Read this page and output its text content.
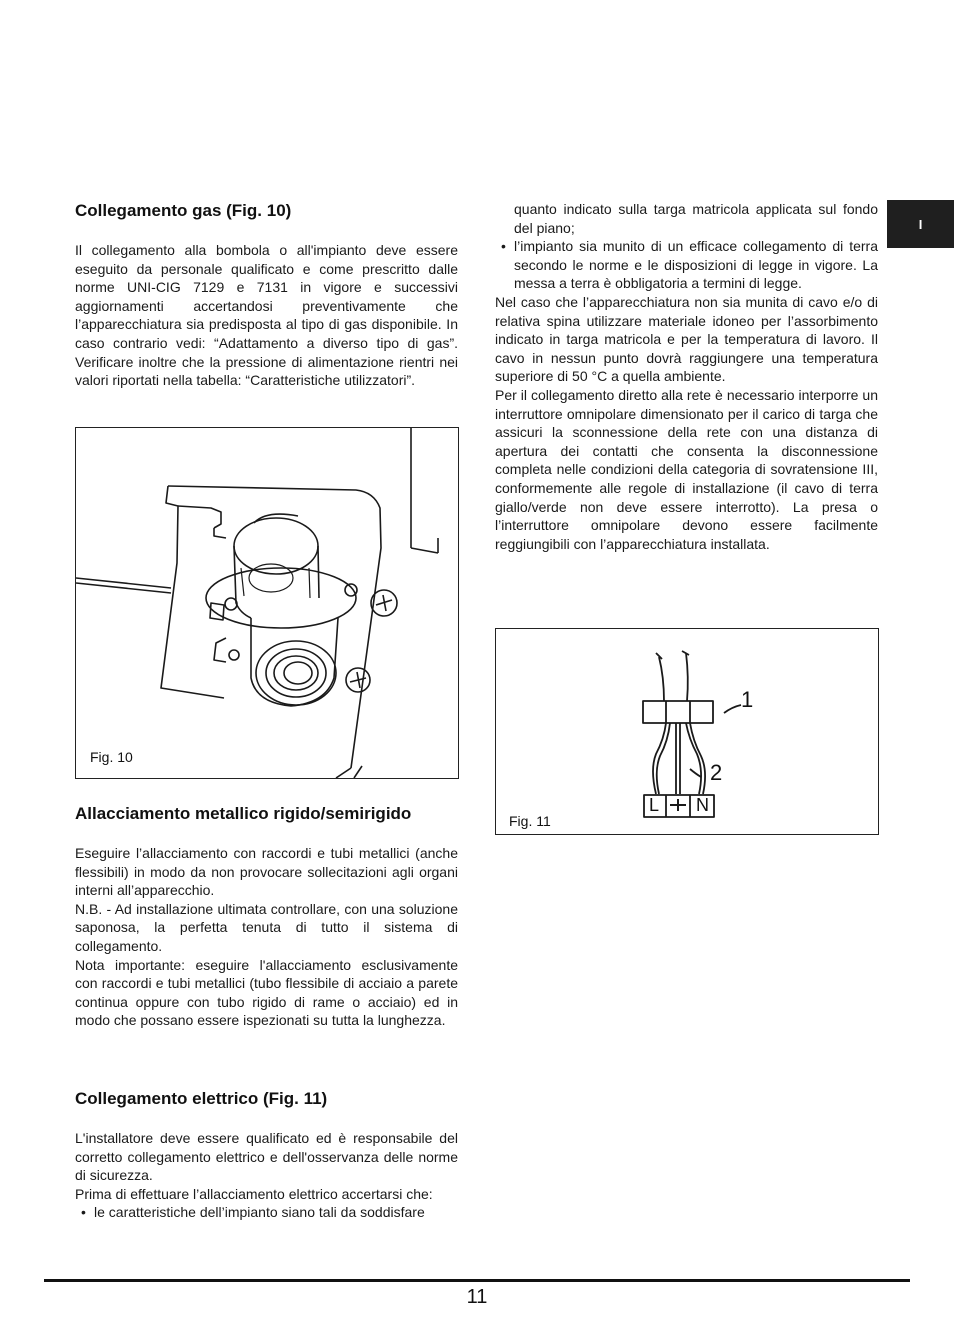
I
Collegamento gas (Fig. 10)

Il collegamento alla bombola o all'impianto deve essere eseguito da personale qualificato e come prescritto dalle norme UNI-CIG 7129 e 7131 in vigore e successivi aggiornamenti accertandosi preventivamente che l’apparecchiatura sia predisposta al tipo di gas disponibile. In caso contrario vedi: “Adattamento a diverso tipo di gas”. Verificare inoltre che la pressione di alimentazione rientri nei valori riportati nella tabella: “Caratteristiche utilizzatori”.

Fig. 10
Allacciamento metallico rigido/semirigido

Eseguire l’allacciamento con raccordi e tubi metallici (anche flessibili) in modo da non provocare sollecitazioni agli organi interni all’apparecchio.

N.B. - Ad installazione ultimata controllare, con una soluzione saponosa, la perfetta tenuta di tutto il sistema di collegamento.

Nota importante: eseguire l'allacciamento esclusivamente con raccordi e tubi metallici (tubo flessibile di acciaio a parete continua oppure con tubo rigido di rame o acciaio) ed in modo che possano essere ispezionati su tutta la lunghezza.

Collegamento elettrico (Fig. 11)

L'installatore deve essere qualificato ed è responsabile del corretto collegamento elettrico e dell'osservanza delle norme di sicurezza.

Prima di effettuare l’allacciamento elettrico accertarsi che:

• le caratteristiche dell’impianto siano tali da soddisfare
quanto indicato sulla targa matricola applicata sul fondo del piano;
• l’impianto sia munito di un efficace collegamento di terra secondo le norme e le disposizioni di legge in vigore. La messa a terra è obbligatoria a termini di legge.

Nel caso che l’apparecchiatura non sia munita di cavo e/o di relativa spina utilizzare materiale idoneo per l’assorbimento indicato in targa matricola e per la temperatura di lavoro. Il cavo in nessun punto dovrà raggiungere una temperatura superiore di 50 °C a quella ambiente.

Per il collegamento diretto alla rete è necessario interporre un interruttore omnipolare dimensionato per il carico di targa che assicuri la sconnessione della rete con una distanza di apertura dei contatti che consenta la disconnessione completa nelle condizioni della categoria di sovratensione III, conformemente alle regole di installazione (il cavo di terra giallo/verde non deve essere interrotto). La presa o l’interruttore omnipolare devono essere facilmente reggiungibili con l’apparecchiatura installata.

1
2
L N
Fig. 11
11
